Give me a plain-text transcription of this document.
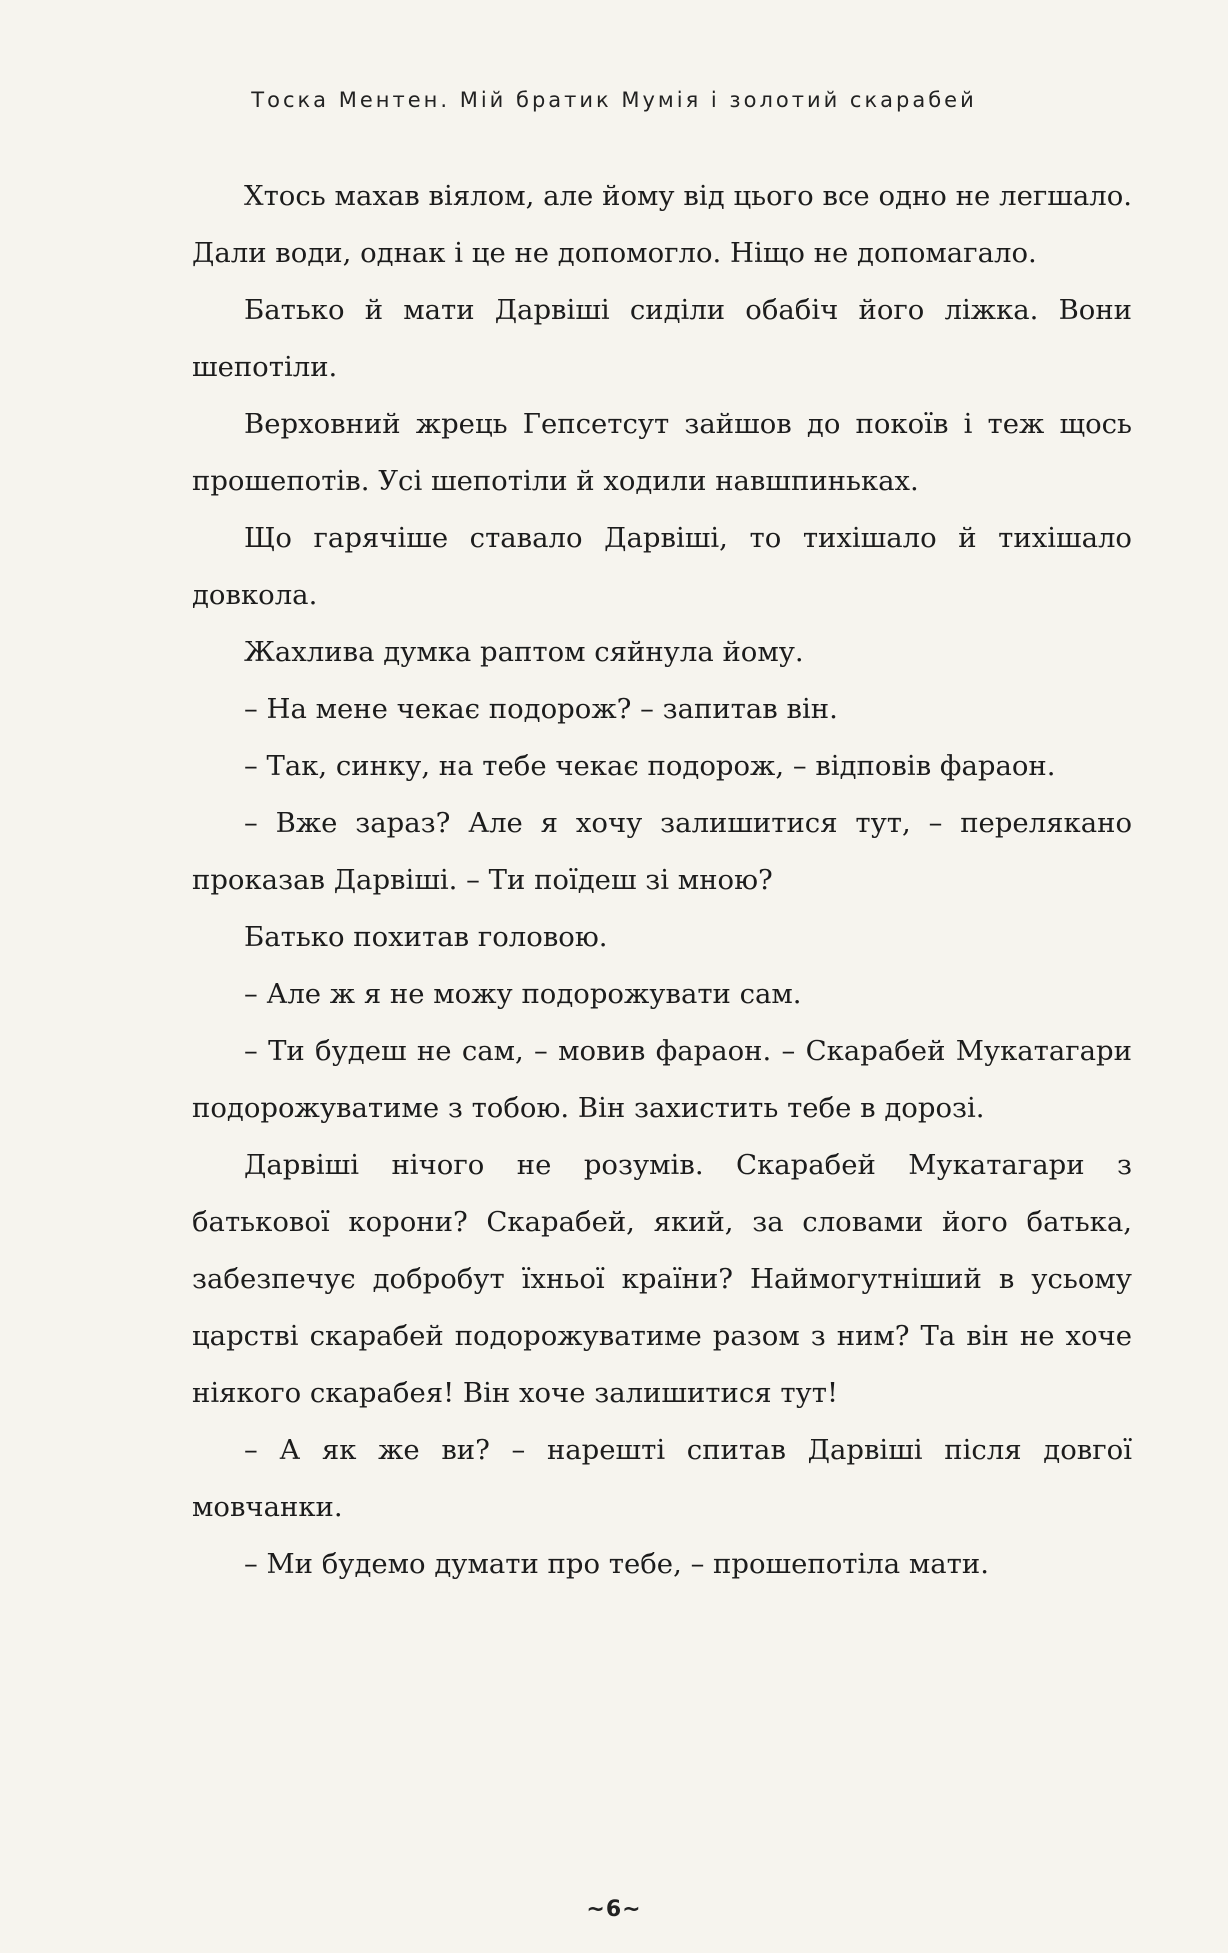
Тоска Ментен. Мій братик Мумія і золотий скарабей

Хтось махав віялом, але йому від цього все одно не легшало. Дали води, однак і це не допомогло. Ніщо не допомагало.

Батько й мати Дарвіші сиділи обабіч його ліжка. Вони шепотіли.

Верховний жрець Гепсетсут зайшов до покоїв і теж щось прошепотів. Усі шепотіли й ходили навшпиньках.

Що гарячіше ставало Дарвіші, то тихішало й тихішало довкола.

Жахлива думка раптом сяйнула йому.

– На мене чекає подорож? – запитав він.

– Так, синку, на тебе чекає подорож, – відповів фараон.

– Вже зараз? Але я хочу залишитися тут, – переляканo проказав Дарвіші. – Ти поїдеш зі мною?

Батько похитав головою.

– Але ж я не можу подорожувати сам.

– Ти будеш не сам, – мовив фараон. – Скарабей Мукатагари подорожуватиме з тобою. Він захистить тебе в дорозі.

Дарвіші нічого не розумів. Скарабей Мукатагари з батькової корони? Скарабей, який, за словами його батька, забезпечує добробут їхньої країни? Наймогутніший в усьому царстві скарабей подорожуватиме разом з ним? Та він не хоче ніякого скарабея! Він хоче залишитися тут!

– А як же ви? – нарешті спитав Дарвіші після довгої мовчанки.

– Ми будемо думати про тебе, – прошепотіла мати.

~6~
